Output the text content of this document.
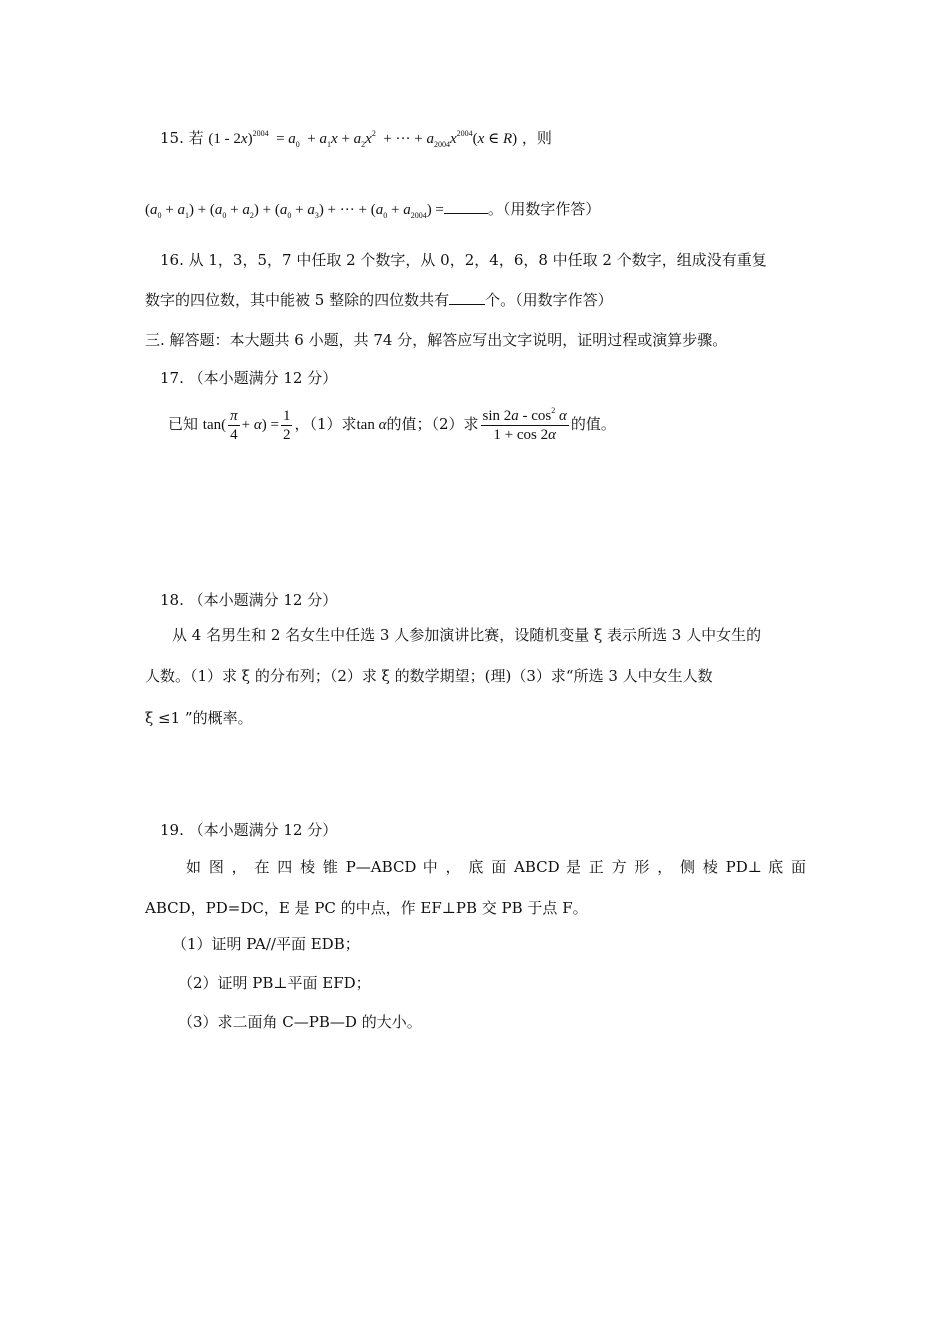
15. 若 $(1 - 2x)^{2004} = a_0 + a_1x + a_2x^2$  + ··· + $a_{2004}x^{2004}(x$ ∈ R) ，则
$(a_0 + a_1) + (a_0 + a_2) + (a_0 + a_3)$ + ··· + $(a_0 + a_{2004})$ =	。（用数字作答）
16. 从 1，3，5，7 中任取 2 个数字，从 0，2，4，6，8 中任取 2 个数字，组成没有重复
数字的四位数，其中能被 5 整除的四位数共有 个。（用数字作答）
三. 解答题：本大题共 6 小题，共 74 分，解答应写出文字说明，证明过程或演算步骤。
17. （本小题满分 12 分）
已知 $\tan( \frac{\pi}{4} + \alpha) = \frac{1}{2}$ ，（1）求tan α的值；（2）求 $\frac{\sin 2a - \cos^2 \alpha}{1 + \cos 2\alpha}$ 的值。
18. （本小题满分 12 分）
从 4 名男生和 2 名女生中任选 3 人参加演讲比赛，设随机变量 ξ 表示所选 3 人中女生的
人数。（1）求 ξ 的分布列；（2）求 ξ 的数学期望；(理)（3）求“所选 3 人中女生人数
ξ ≤1 ”的概率。
19. （本小题满分 12 分）
如 图 ， 在 四 棱 锥 P—ABCD 中 ， 底 面 ABCD 是 正 方 形 ， 侧 棱 PD⊥ 底 面
ABCD，PD=DC，E 是 PC 的中点，作 EF⊥PB 交 PB 于点 F。
（1）证明 PA//平面 EDB；
（2）证明 PB⊥平面 EFD；
（3）求二面角 C—PB—D 的大小。
